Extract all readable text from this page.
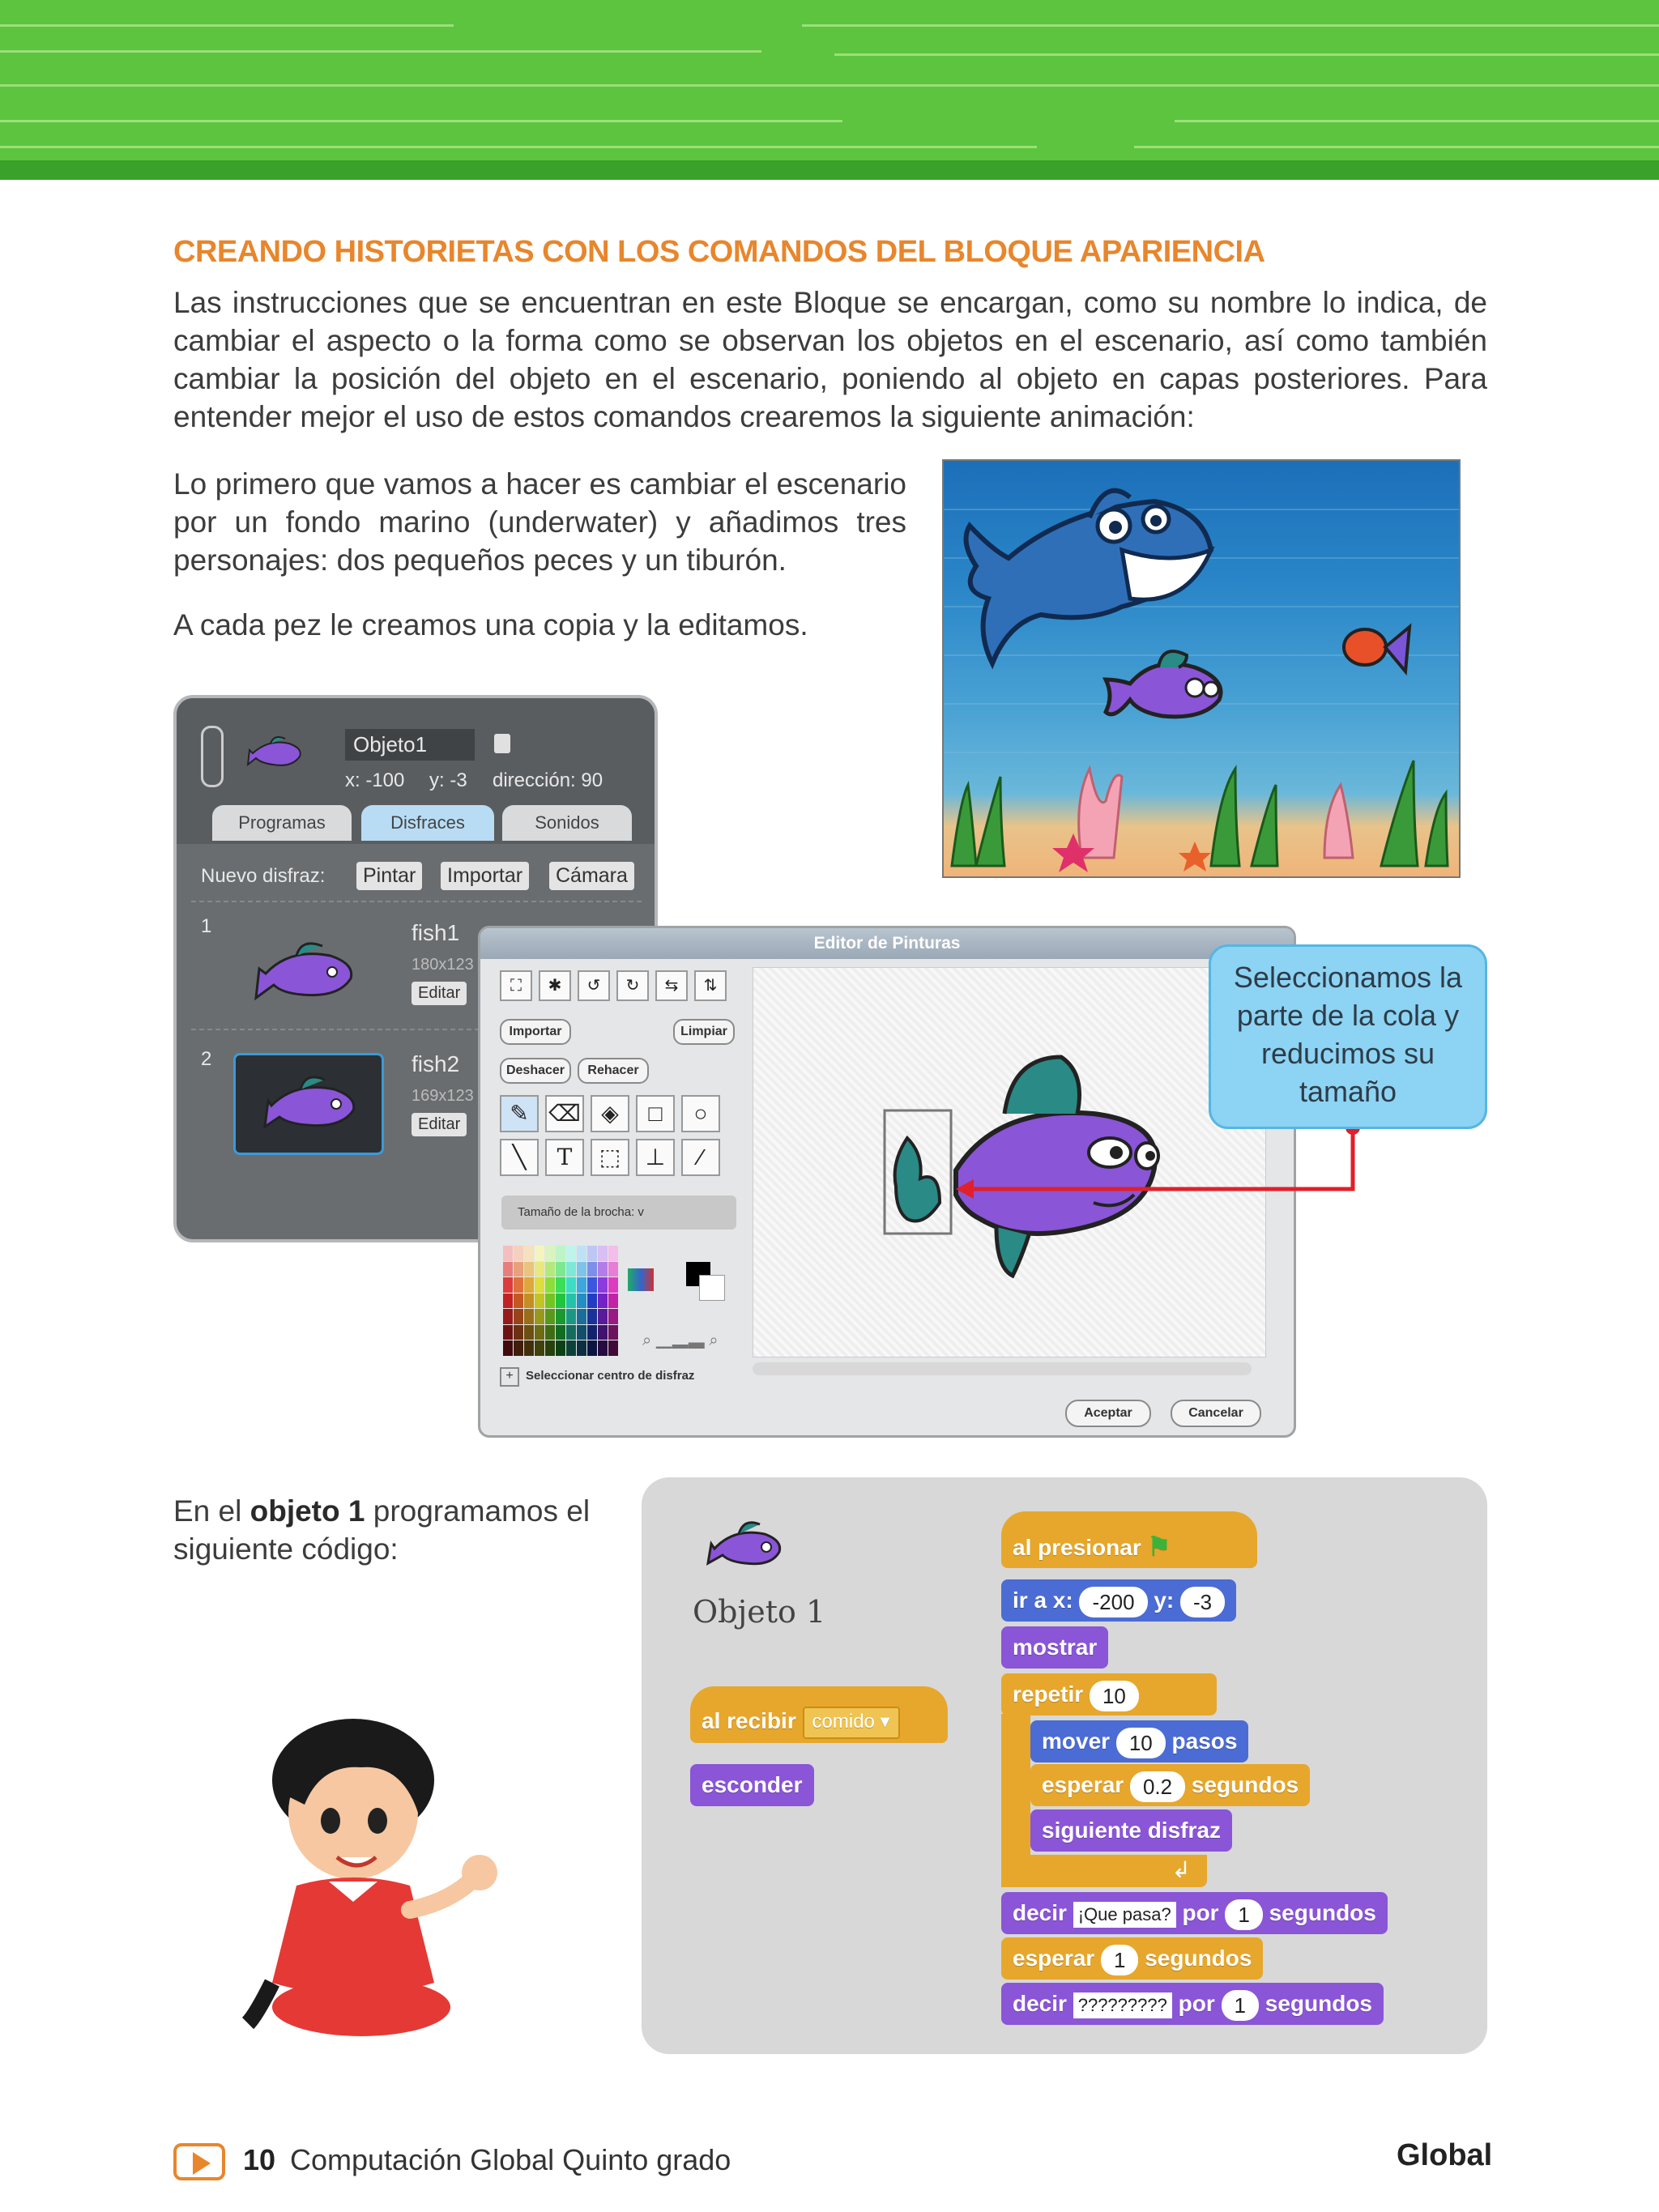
CREANDO HISTORIETAS CON LOS COMANDOS DEL BLOQUE APARIENCIA
Las instrucciones que se encuentran en este Bloque se encargan, como su nombre lo indica, de cambiar el aspecto o la forma como se observan los objetos en el escenario, así como también cambiar la posición del objeto en el escenario, poniendo al objeto en capas posteriores. Para entender mejor el uso de estos comandos crearemos la siguiente animación:
Lo primero que vamos a hacer es cambiar el escenario por un fondo marino (underwater) y añadimos tres personajes: dos pequeños peces y un tiburón.
A cada pez le creamos una copia y la editamos.
En el objeto 1 programamos el siguiente código:
Objeto1
x: -100 y: -3 dirección: 90
Programas	Disfraces	Sonidos
Nuevo disfraz:	Pintar	Importar	Cámara
1	fish1
180x123
Editar
2	fish2
169x123
Editar
Editor de Pinturas
⛶	✱	↺	↻	⇆	⇅
Importar	Limpiar
Deshacer	Rehacer
✎ ⌫ ◈	□	○
╲	T	⬚	⊥	⁄
Tamaño de la brocha: v
⌕ ▁▂▃ ⌕
+	Seleccionar centro de disfraz
Aceptar	Cancelar
Seleccionamos la parte de la cola y reducimos su tamaño
Objeto 1
al presionar ⚑
ir a x: -200 y: -3
mostrar
repetir 10
mover 10 pasos
esperar 0.2 segundos
siguiente disfraz
↲
decir ¡Que pasa? por 1 segundos
esperar 1 segundos
decir ????????? por 1 segundos
al recibir comido ▾
esconder
10 Computación Global Quinto grado	Global
